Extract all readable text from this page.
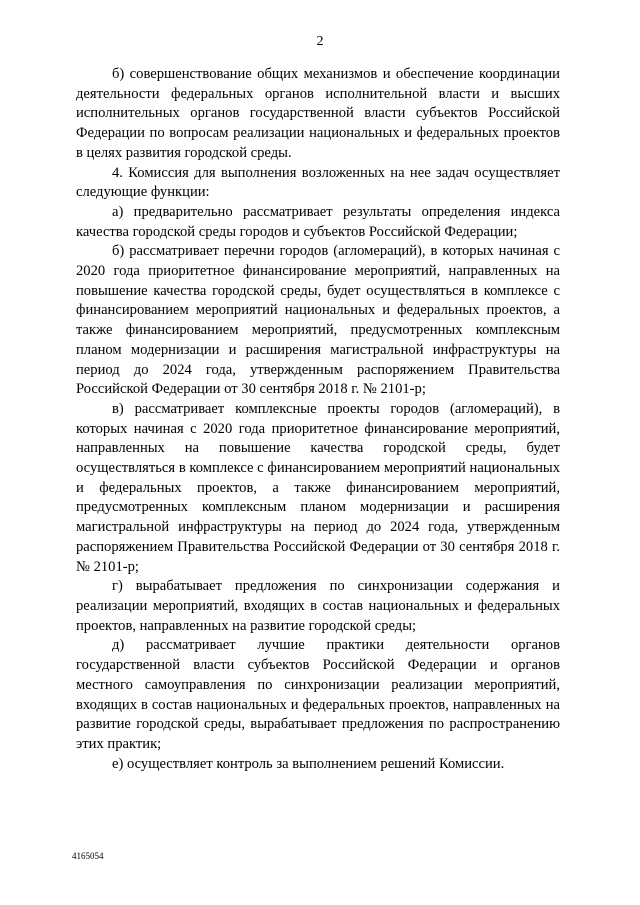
2

б) совершенствование общих механизмов и обеспечение координации деятельности федеральных органов исполнительной власти и высших исполнительных органов государственной власти субъектов Российской Федерации по вопросам реализации национальных и федеральных проектов в целях развития городской среды.

4. Комиссия для выполнения возложенных на нее задач осуществляет следующие функции:

а) предварительно рассматривает результаты определения индекса качества городской среды городов и субъектов Российской Федерации;

б) рассматривает перечни городов (агломераций), в которых начиная с 2020 года приоритетное финансирование мероприятий, направленных на повышение качества городской среды, будет осуществляться в комплексе с финансированием мероприятий национальных и федеральных проектов, а также финансированием мероприятий, предусмотренных комплексным планом модернизации и расширения магистральной инфраструктуры на период до 2024 года, утвержденным распоряжением Правительства Российской Федерации от 30 сентября 2018 г. № 2101-р;

в) рассматривает комплексные проекты городов (агломераций), в которых начиная с 2020 года приоритетное финансирование мероприятий, направленных на повышение качества городской среды, будет осуществляться в комплексе с финансированием мероприятий национальных и федеральных проектов, а также финансированием мероприятий, предусмотренных комплексным планом модернизации и расширения магистральной инфраструктуры на период до 2024 года, утвержденным распоряжением Правительства Российской Федерации от 30 сентября 2018 г. № 2101-р;

г) вырабатывает предложения по синхронизации содержания и реализации мероприятий, входящих в состав национальных и федеральных проектов, направленных на развитие городской среды;

д) рассматривает лучшие практики деятельности органов государственной власти субъектов Российской Федерации и органов местного самоуправления по синхронизации реализации мероприятий, входящих в состав национальных и федеральных проектов, направленных на развитие городской среды, вырабатывает предложения по распространению этих практик;

е) осуществляет контроль за выполнением решений Комиссии.

4165054
